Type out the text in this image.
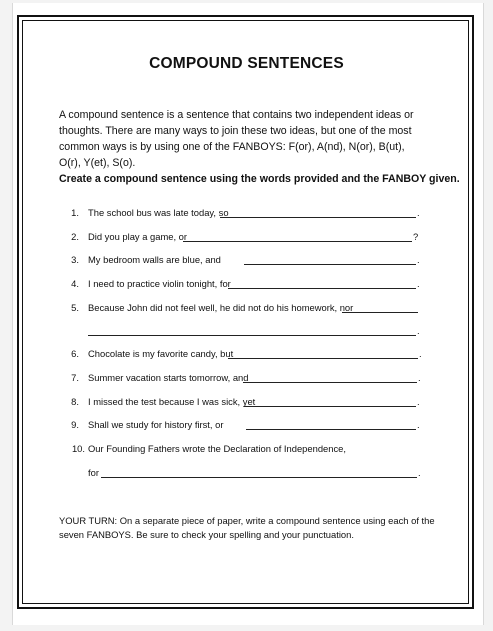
COMPOUND SENTENCES
A compound sentence is a sentence that contains two independent ideas or thoughts. There are many ways to join these two ideas, but one of the most common ways is by using one of the FANBOYS: F(or), A(nd), N(or), B(ut), O(r), Y(et), S(o).
Create a compound sentence using the words provided and the FANBOY given.
1. The school bus was late today, so	.
2. Did you play a game, or	?
3. My bedroom walls are blue, and	.
4. I need to practice violin tonight, for	.
5. Because John did not feel well, he did not do his homework, nor
.
6. Chocolate is my favorite candy, but	.
7. Summer vacation starts tomorrow, and	.
8. I missed the test because I was sick, yet	.
9. Shall we study for history first, or	.
10. Our Founding Fathers wrote the Declaration of Independence,
for	.
YOUR TURN: On a separate piece of paper, write a compound sentence using each of the seven FANBOYS. Be sure to check your spelling and your punctuation.
